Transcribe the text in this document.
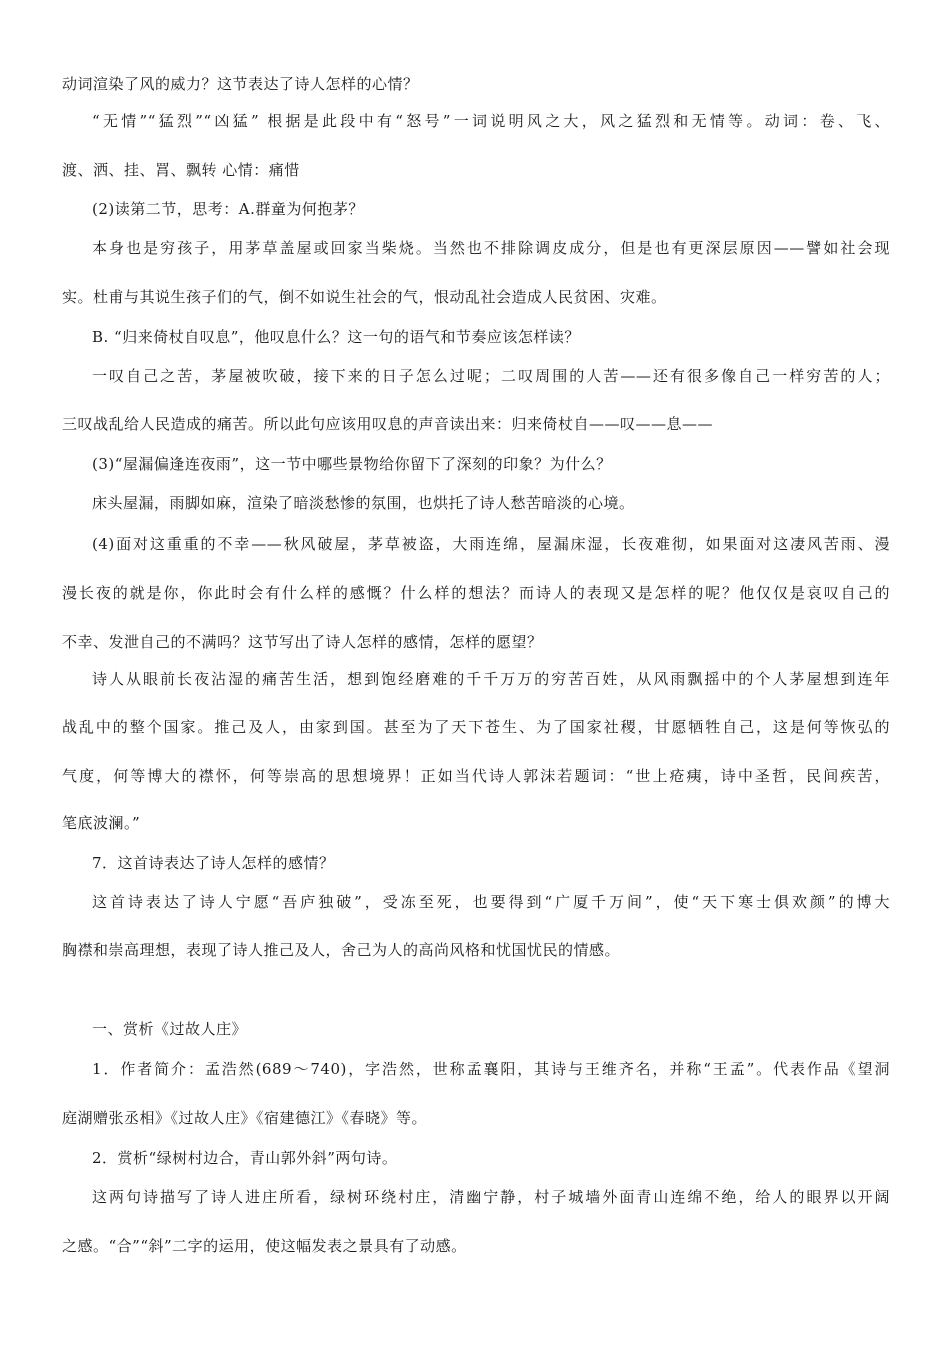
动词渲染了风的威力？这节表达了诗人怎样的心情？

“无情”“猛烈”“凶猛” 根据是此段中有“怒号”一词说明风之大，风之猛烈和无情等。动词：卷、飞、

渡、洒、挂、罥、飘转 心情：痛惜

(2)读第二节，思考：A.群童为何抱茅？

本身也是穷孩子，用茅草盖屋或回家当柴烧。当然也不排除调皮成分，但是也有更深层原因——譬如社会现

实。杜甫与其说生孩子们的气，倒不如说生社会的气，恨动乱社会造成人民贫困、灾难。

B. “归来倚杖自叹息”，他叹息什么？这一句的语气和节奏应该怎样读？

一叹自己之苦，茅屋被吹破，接下来的日子怎么过呢；二叹周围的人苦——还有很多像自己一样穷苦的人；

三叹战乱给人民造成的痛苦。所以此句应该用叹息的声音读出来：归来倚杖自——叹——息——

(3)“屋漏偏逢连夜雨”，这一节中哪些景物给你留下了深刻的印象？为什么？

床头屋漏，雨脚如麻，渲染了暗淡愁惨的氛围，也烘托了诗人愁苦暗淡的心境。

(4)面对这重重的不幸——秋风破屋，茅草被盗，大雨连绵，屋漏床湿，长夜难彻，如果面对这凄风苦雨、漫

漫长夜的就是你，你此时会有什么样的感慨？什么样的想法？而诗人的表现又是怎样的呢？他仅仅是哀叹自己的

不幸、发泄自己的不满吗？这节写出了诗人怎样的感情，怎样的愿望？

诗人从眼前长夜沾湿的痛苦生活，想到饱经磨难的千千万万的穷苦百姓，从风雨飘摇中的个人茅屋想到连年

战乱中的整个国家。推己及人，由家到国。甚至为了天下苍生、为了国家社稷，甘愿牺牲自己，这是何等恢弘的

气度，何等博大的襟怀，何等崇高的思想境界！正如当代诗人郭沫若题词：“世上疮痍，诗中圣哲，民间疾苦，

笔底波澜。”

7．这首诗表达了诗人怎样的感情？

这首诗表达了诗人宁愿“吾庐独破”，受冻至死，也要得到“广厦千万间”，使“天下寒士俱欢颜”的博大

胸襟和崇高理想，表现了诗人推己及人，舍己为人的高尚风格和忧国忧民的情感。

一、赏析《过故人庄》

1．作者简介：孟浩然(689～740)，字浩然，世称孟襄阳，其诗与王维齐名，并称“王孟”。代表作品《望洞

庭湖赠张丞相》《过故人庄》《宿建德江》《春晓》等。

2．赏析“绿树村边合，青山郭外斜”两句诗。

这两句诗描写了诗人进庄所看，绿树环绕村庄，清幽宁静，村子城墙外面青山连绵不绝，给人的眼界以开阔

之感。“合”“斜”二字的运用，使这幅发表之景具有了动感。
